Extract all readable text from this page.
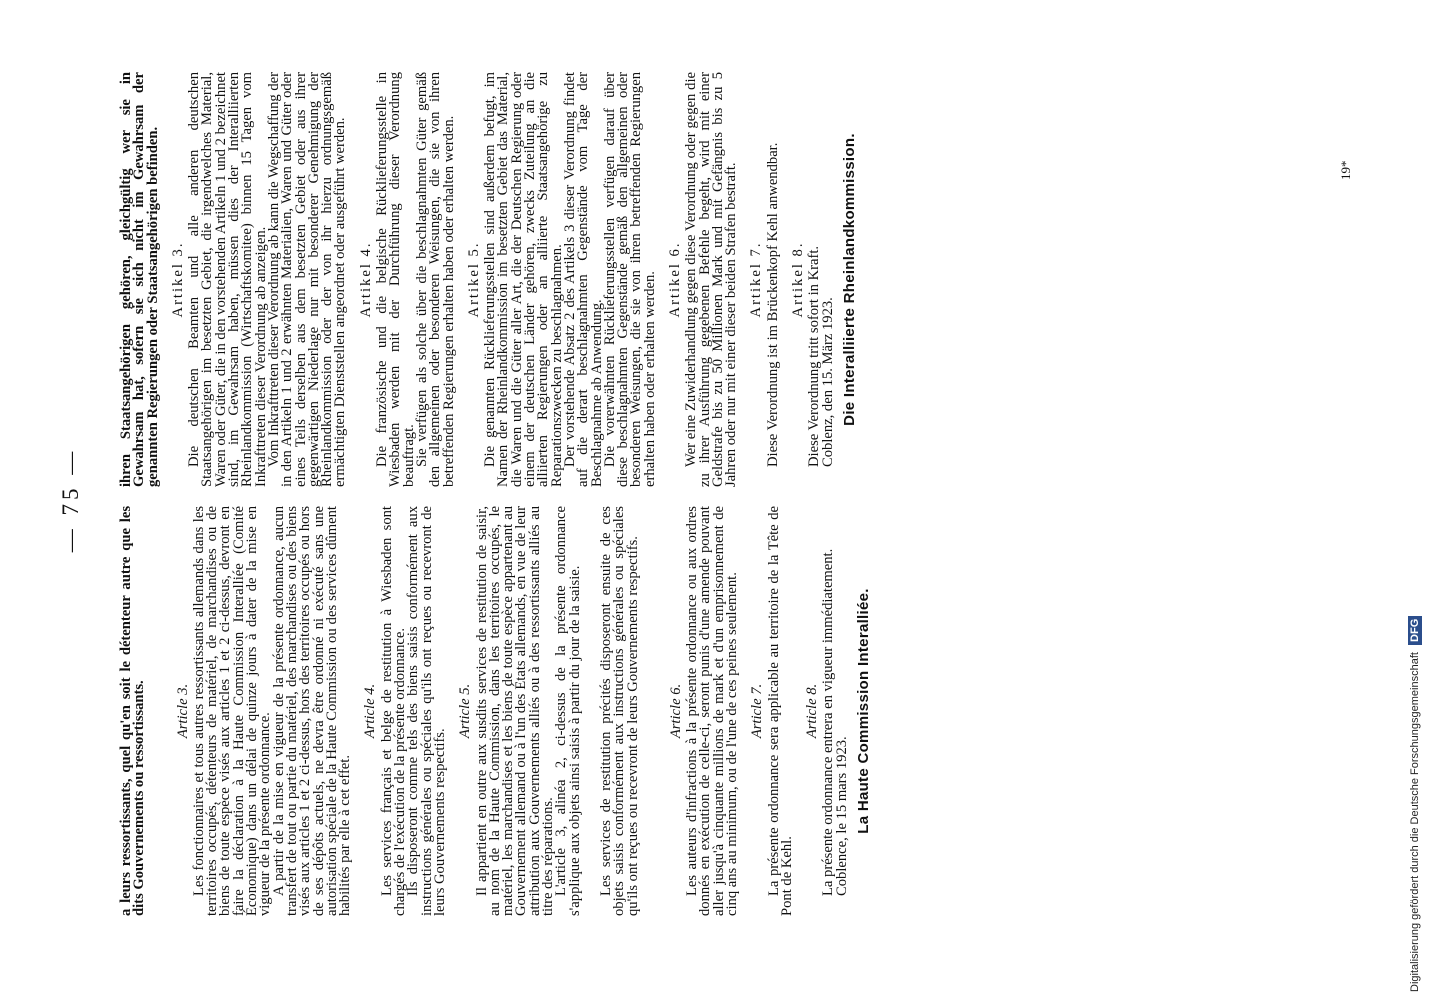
— 75 —

a leurs ressortissants, quel qu'en soit le détenteur autre que les dits Gouvernements ou ressortissants. Article 3. Les fonctionnaires et tous autres ressortissants allemands dans les territoires occupés, détenteurs de matériel, de marchandises ou de biens de toute espèce visés aux articles 1 et 2 ci-dessus, devront en faire la déclaration à la Haute Commission Interalliée (Comité Économique) dans un délai de quinze jours à dater de la mise en vigueur de la présente ordonnance.

A partir de la mise en vigueur de la présente ordonnance, aucun transfert de tout ou partie du matériel, des marchandises ou des biens visés aux articles 1 et 2 ci-dessus, hors des territoires occupés ou hors de ses dépôts actuels, ne devra être ordonné ni exécuté sans une autorisation spéciale de la Haute Commission ou des services dûment habilités par elle à cet effet.

Article 4. Les services français et belge de restitution à Wiesbaden sont chargés de l'exécution de la présente ordonnance.

Ils disposeront comme tels des biens saisis conformément aux instructions générales ou spéciales qu'ils ont reçues ou recevront de leurs Gouvernements respectifs.

Article 5. Il appartient en outre aux susdits services de restitution de saisir, au nom de la Haute Commission, dans les territoires occupés, le matériel, les marchandises et les biens de toute espèce appartenant au Gouvernement allemand ou à l'un des États allemands, en vue de leur attribution aux Gouvernements alliés ou à des ressortissants alliés au titre des réparations.

L'article 3, alinéa 2, ci-dessus de la présente ordonnance s'applique aux objets ainsi saisis à partir du jour de la saisie. Les services de restitution précités disposeront ensuite de ces objets saisis conformément aux instructions générales ou spéciales qu'ils ont reçues ou recevront de leurs Gouvernements respectifs. Article 6. Les auteurs d'infractions à la présente ordonnance ou aux ordres donnés en exécution de celle-ci, seront punis d'une amende pouvant aller jusqu'à cinquante millions de mark et d'un emprisonnement de cinq ans au minimum, ou de l'une de ces peines seulement. Article 7. La présente ordonnance sera applicable au territoire de la Tête de Pont de Kehl.

Article 8. La présente ordonnance entrera en vigueur immédiatement.

Coblence, le 15 mars 1923. La Haute Commission Interalliée.

ihren Staatsangehörigen gehören, gleichgültig wer sie in Gewahrsam hat, sofern sie sich nicht im Gewahrsam der genannten Regierungen oder Staatsangehörigen befinden. Artikel 3. Die deutschen Beamten und alle anderen deutschen Staatsangehörigen im besetzten Gebiet, die irgendwelches Material, Waren oder Güter, die in den vorstehenden Artikeln 1 und 2 bezeichnet sind, im Gewahrsam haben, müssen dies der Interalliierten Rheinlandkommission (Wirtschaftskomitee) binnen 15 Tagen vom Inkrafttreten dieser Verordnung ab anzeigen.

Vom Inkrafttreten dieser Verordnung ab kann die Wegschaffung der in den Artikeln 1 und 2 erwähnten Materialien, Waren und Güter oder eines Teils derselben aus dem besetzten Gebiet oder aus ihrer gegenwärtigen Niederlage nur mit besonderer Genehmigung der Rheinlandkommission oder der von ihr hierzu ordnungsgemäß ermächtigten Dienststellen angeordnet oder ausgeführt werden. Artikel 4. Die französische und die belgische Rücklieferungsstelle in Wiesbaden werden mit der Durchführung dieser Verordnung beauftragt.

Sie verfügen als solche über die beschlagnahmten Güter gemäß den allgemeinen oder besonderen Weisungen, die sie von ihren betreffenden Regierungen erhalten haben oder erhalten werden. Artikel 5. Die genannten Rücklieferungsstellen sind außerdem befugt, im Namen der Rheinlandkommission im besetzten Gebiet das Material, die Waren und die Güter aller Art, die der Deutschen Regierung oder einem der deutschen Länder gehören, zwecks Zuteilung an die alliierten Regierungen oder an alliierte Staatsangehörige zu Reparationszwecken zu beschlagnahmen.

Der vorstehende Absatz 2 des Artikels 3 dieser Verordnung findet auf die derart beschlagnahmten Gegenstände vom Tage der Beschlagnahme ab Anwendung.

Die vorerwähnten Rücklieferungsstellen verfügen darauf über diese beschlagnahmten Gegenstände gemäß den allgemeinen oder besonderen Weisungen, die sie von ihren betreffenden Regierungen erhalten haben oder erhalten werden. Artikel 6. Wer eine Zuwiderhandlung gegen diese Verordnung oder gegen die zu ihrer Ausführung gegebenen Befehle begeht, wird mit einer Geldstrafe bis zu 50 Millionen Mark und mit Gefängnis bis zu 5 Jahren oder nur mit einer dieser beiden Strafen bestraft. Artikel 7. Diese Verordnung ist im Brückenkopf Kehl anwendbar. Artikel 8. Diese Verordnung tritt sofort in Kraft.

Coblenz, den 15. März 1923. Die Interalliierte Rheinlandkommission.	19*
Digitalisierung gefördert durch die Deutsche Forschungsgemeinschaft DFG
